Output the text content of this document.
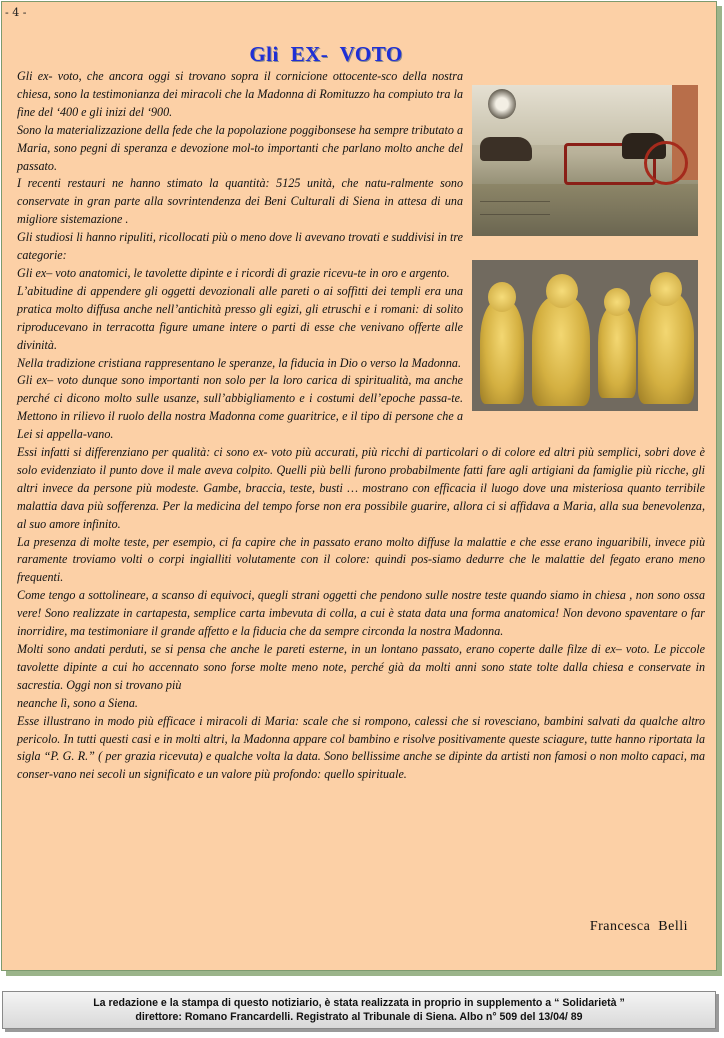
- 4 -
Gli EX- VOTO

Gli ex- voto, che ancora oggi si trovano sopra il cornicione ottocente-sco della nostra chiesa, sono la testimonianza dei miracoli che la Madonna di Romituzzo ha compiuto tra la fine del ‘400 e gli inizi del ‘900.

Sono la materializzazione della fede che la popolazione poggibonsese ha sempre tributato a Maria, sono pegni di speranza e devozione mol-to importanti che parlano molto anche del passato.

I recenti restauri ne hanno stimato la quantità: 5125 unità, che natu-ralmente sono conservate in gran parte alla sovrintendenza dei Beni Culturali di Siena in attesa di una migliore sistemazione .

Gli studiosi li hanno ripuliti, ricollocati più o meno dove li avevano trovati e suddivisi in tre categorie:

Gli ex– voto anatomici, le tavolette dipinte e i ricordi di grazie ricevu-te in oro e argento.

L’abitudine di appendere gli oggetti devozionali alle pareti o ai soffitti dei templi era una pratica molto diffusa anche nell’antichità presso gli egizi, gli etruschi e i romani: di solito riproducevano in terracotta figure umane intere o parti di esse che venivano offerte alle divinità.

Nella tradizione cristiana rappresentano le speranze, la fiducia in Dio o verso la Madonna.

Gli ex– voto dunque sono importanti non solo per la loro carica di spiritualità, ma anche perché ci dicono molto sulle usanze, sull’abbigliamento e i costumi dell’epoche passa-te. Mettono in rilievo il ruolo della nostra Madonna come guaritrice, e il tipo di persone che a Lei si appella-vano.

Essi infatti si differenziano per qualità: ci sono ex- voto più accurati, più ricchi di particolari o di colore ed altri più semplici, sobri dove è solo evidenziato il punto dove il male aveva colpito. Quelli più belli furono probabilmente fatti fare agli artigiani da famiglie più ricche, gli altri invece da persone più modeste. Gambe, braccia, teste, busti … mostrano con efficacia il luogo dove una misteriosa quanto terribile malattia dava più sofferenza. Per la medicina del tempo forse non era possibile guarire, allora ci si affidava a Maria, alla sua benevolenza, al suo amore infinito.

La presenza di molte teste, per esempio, ci fa capire che in passato erano molto diffuse la malattie e che esse erano inguaribili, invece più raramente troviamo volti o corpi ingialliti volutamente con il colore: quindi pos-siamo dedurre che le malattie del fegato erano meno frequenti.

Come tengo a sottolineare, a scanso di equivoci, quegli strani oggetti che pendono sulle nostre teste quando siamo in chiesa , non sono ossa vere! Sono realizzate in cartapesta, semplice carta imbevuta di colla, a cui è stata data una forma anatomica! Non devono spaventare o far inorridire, ma testimoniare il grande affetto e la fiducia che da sempre circonda la nostra Madonna.

Molti sono andati perduti, se si pensa che anche le pareti esterne, in un lontano passato, erano coperte dalle filze di ex– voto. Le piccole tavolette dipinte a cui ho accennato sono forse molte meno note, perché già da molti anni sono state tolte dalla chiesa e conservate in sacrestia. Oggi non si trovano più

neanche lì, sono a Siena.

Esse illustrano in modo più efficace i miracoli di Maria: scale che si rompono, calessi che si rovesciano, bambini salvati da qualche altro pericolo. In tutti questi casi e in molti altri, la Madonna appare col bambino e risolve positivamente queste sciagure, tutte hanno riportata la sigla “P. G. R.” ( per grazia ricevuta) e qualche volta la data. Sono bellissime anche se dipinte da artisti non famosi o non molto capaci, ma conser-vano nei secoli un significato e un valore più profondo: quello spirituale.

Francesca Belli
La redazione e la stampa di questo notiziario, è stata realizzata in proprio in supplemento a “ Solidarietà ”
direttore: Romano Francardelli. Registrato al Tribunale di Siena. Albo n° 509 del 13/04/ 89
